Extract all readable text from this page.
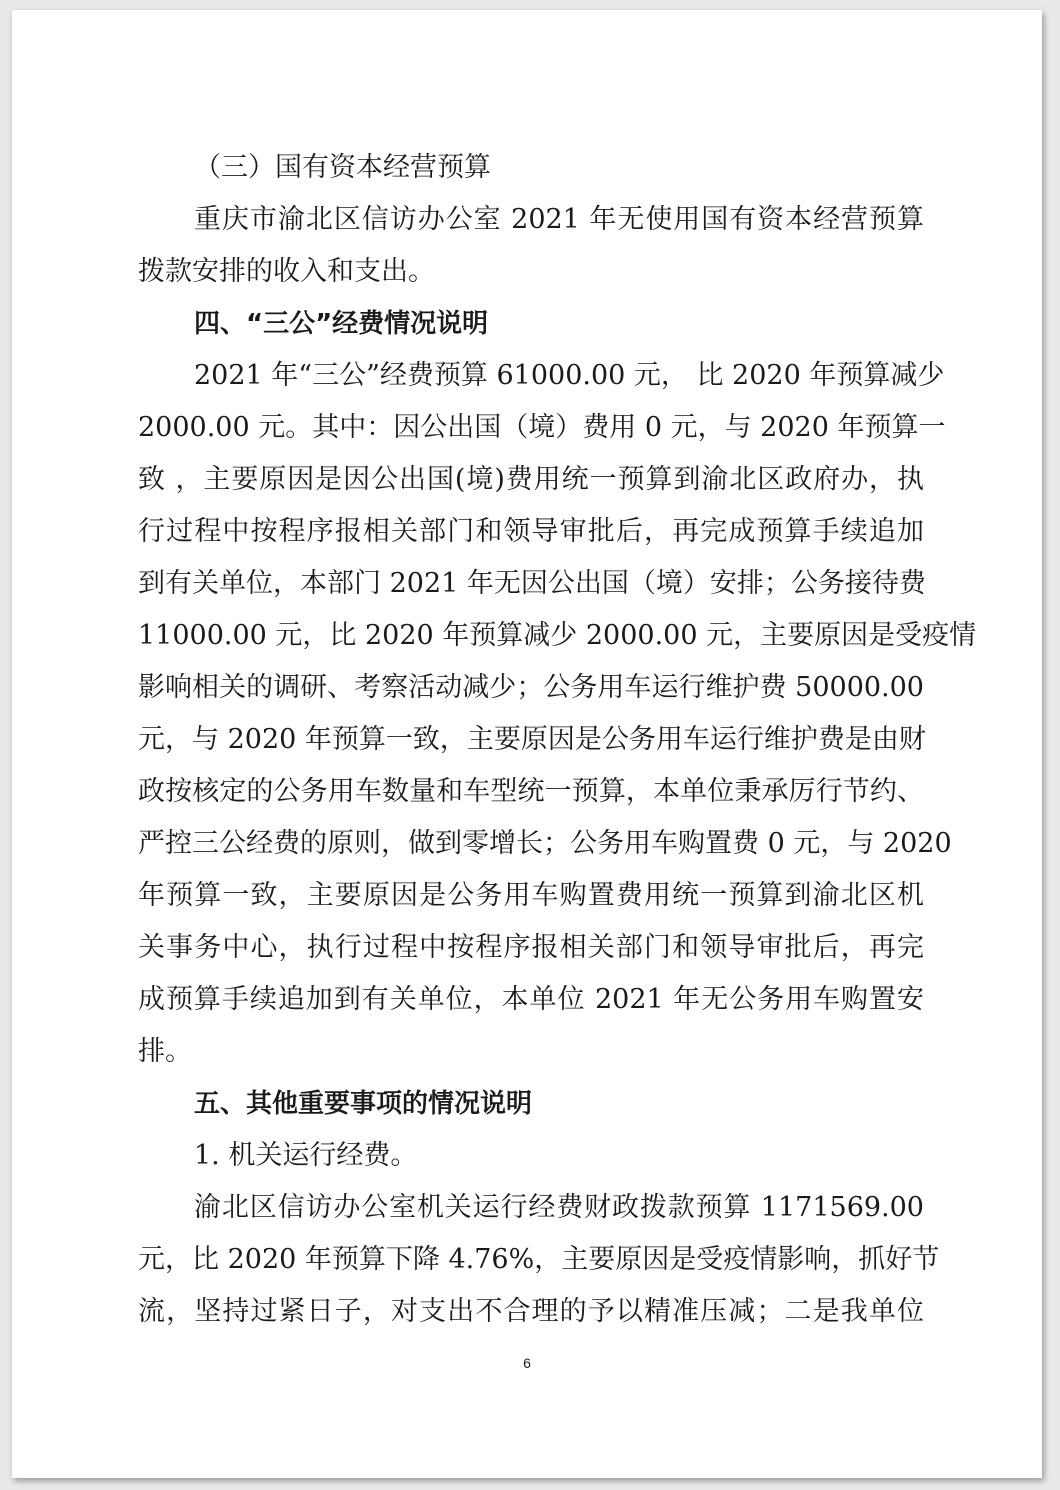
（三）国有资本经营预算
重庆市渝北区信访办公室 2021 年无使用国有资本经营预算
拨款安排的收入和支出。
四、“三公”经费情况说明
2021 年“三公”经费预算 61000.00 元， 比 2020 年预算减少
2000.00 元。其中：因公出国（境）费用 0 元，与 2020 年预算一
致 ，主要原因是因公出国(境)费用统一预算到渝北区政府办，执
行过程中按程序报相关部门和领导审批后，再完成预算手续追加
到有关单位，本部门 2021 年无因公出国（境）安排；公务接待费
11000.00 元，比 2020 年预算减少 2000.00 元，主要原因是受疫情
影响相关的调研、考察活动减少；公务用车运行维护费 50000.00
元，与 2020 年预算一致，主要原因是公务用车运行维护费是由财
政按核定的公务用车数量和车型统一预算，本单位秉承厉行节约、
严控三公经费的原则，做到零增长；公务用车购置费 0 元，与 2020
年预算一致，主要原因是公务用车购置费用统一预算到渝北区机
关事务中心，执行过程中按程序报相关部门和领导审批后，再完
成预算手续追加到有关单位，本单位 2021 年无公务用车购置安
排。
五、其他重要事项的情况说明
1. 机关运行经费。
渝北区信访办公室机关运行经费财政拨款预算 1171569.00
元，比 2020 年预算下降 4.76%，主要原因是受疫情影响，抓好节
流，坚持过紧日子，对支出不合理的予以精准压减；二是我单位
6
